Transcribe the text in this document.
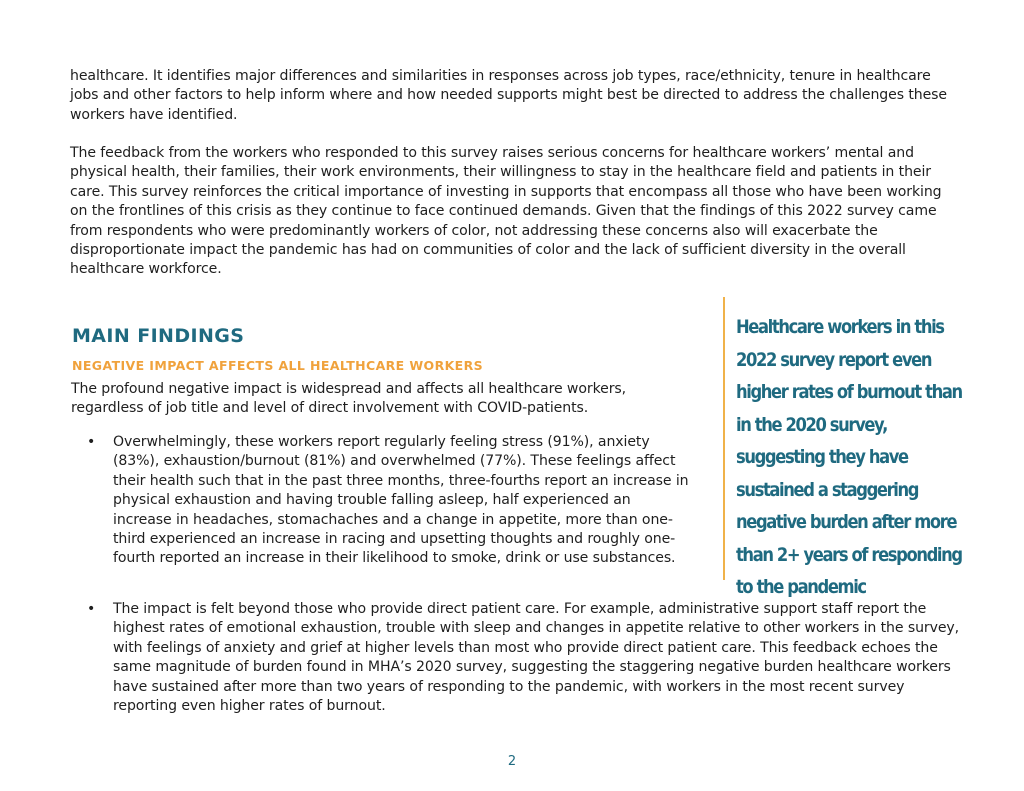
healthcare. It identifies major differences and similarities in responses across job types, race/ethnicity, tenure in healthcare jobs and other factors to help inform where and how needed supports might best be directed to address the challenges these workers have identified.

The feedback from the workers who responded to this survey raises serious concerns for healthcare workers’ mental and physical health, their families, their work environments, their willingness to stay in the healthcare field and patients in their care. This survey reinforces the critical importance of investing in supports that encompass all those who have been working on the frontlines of this crisis as they continue to face continued demands. Given that the findings of this 2022 survey came from respondents who were predominantly workers of color, not addressing these concerns also will exacerbate the disproportionate impact the pandemic has had on communities of color and the lack of sufficient diversity in the overall healthcare workforce.

MAIN FINDINGS
NEGATIVE IMPACT AFFECTS ALL HEALTHCARE WORKERS

The profound negative impact is widespread and affects all healthcare workers, regardless of job title and level of direct involvement with COVID-patients.

• Overwhelmingly, these workers report regularly feeling stress (91%), anxiety (83%), exhaustion/burnout (81%) and overwhelmed (77%). These feelings affect their health such that in the past three months, three-fourths report an increase in physical exhaustion and having trouble falling asleep, half experienced an increase in headaches, stomachaches and a change in appetite, more than one-third experienced an increase in racing and upsetting thoughts and roughly one-fourth reported an increase in their likelihood to smoke, drink or use substances.
• The impact is felt beyond those who provide direct patient care. For example, administrative support staff report the highest rates of emotional exhaustion, trouble with sleep and changes in appetite relative to other workers in the survey, with feelings of anxiety and grief at higher levels than most who provide direct patient care. This feedback echoes the same magnitude of burden found in MHA’s 2020 survey, suggesting the staggering negative burden healthcare workers have sustained after more than two years of responding to the pandemic, with workers in the most recent survey reporting even higher rates of burnout.

Healthcare workers in this 2022 survey report even higher rates of burnout than in the 2020 survey, suggesting they have sustained a staggering negative burden after more than 2+ years of responding to the pandemic

2
